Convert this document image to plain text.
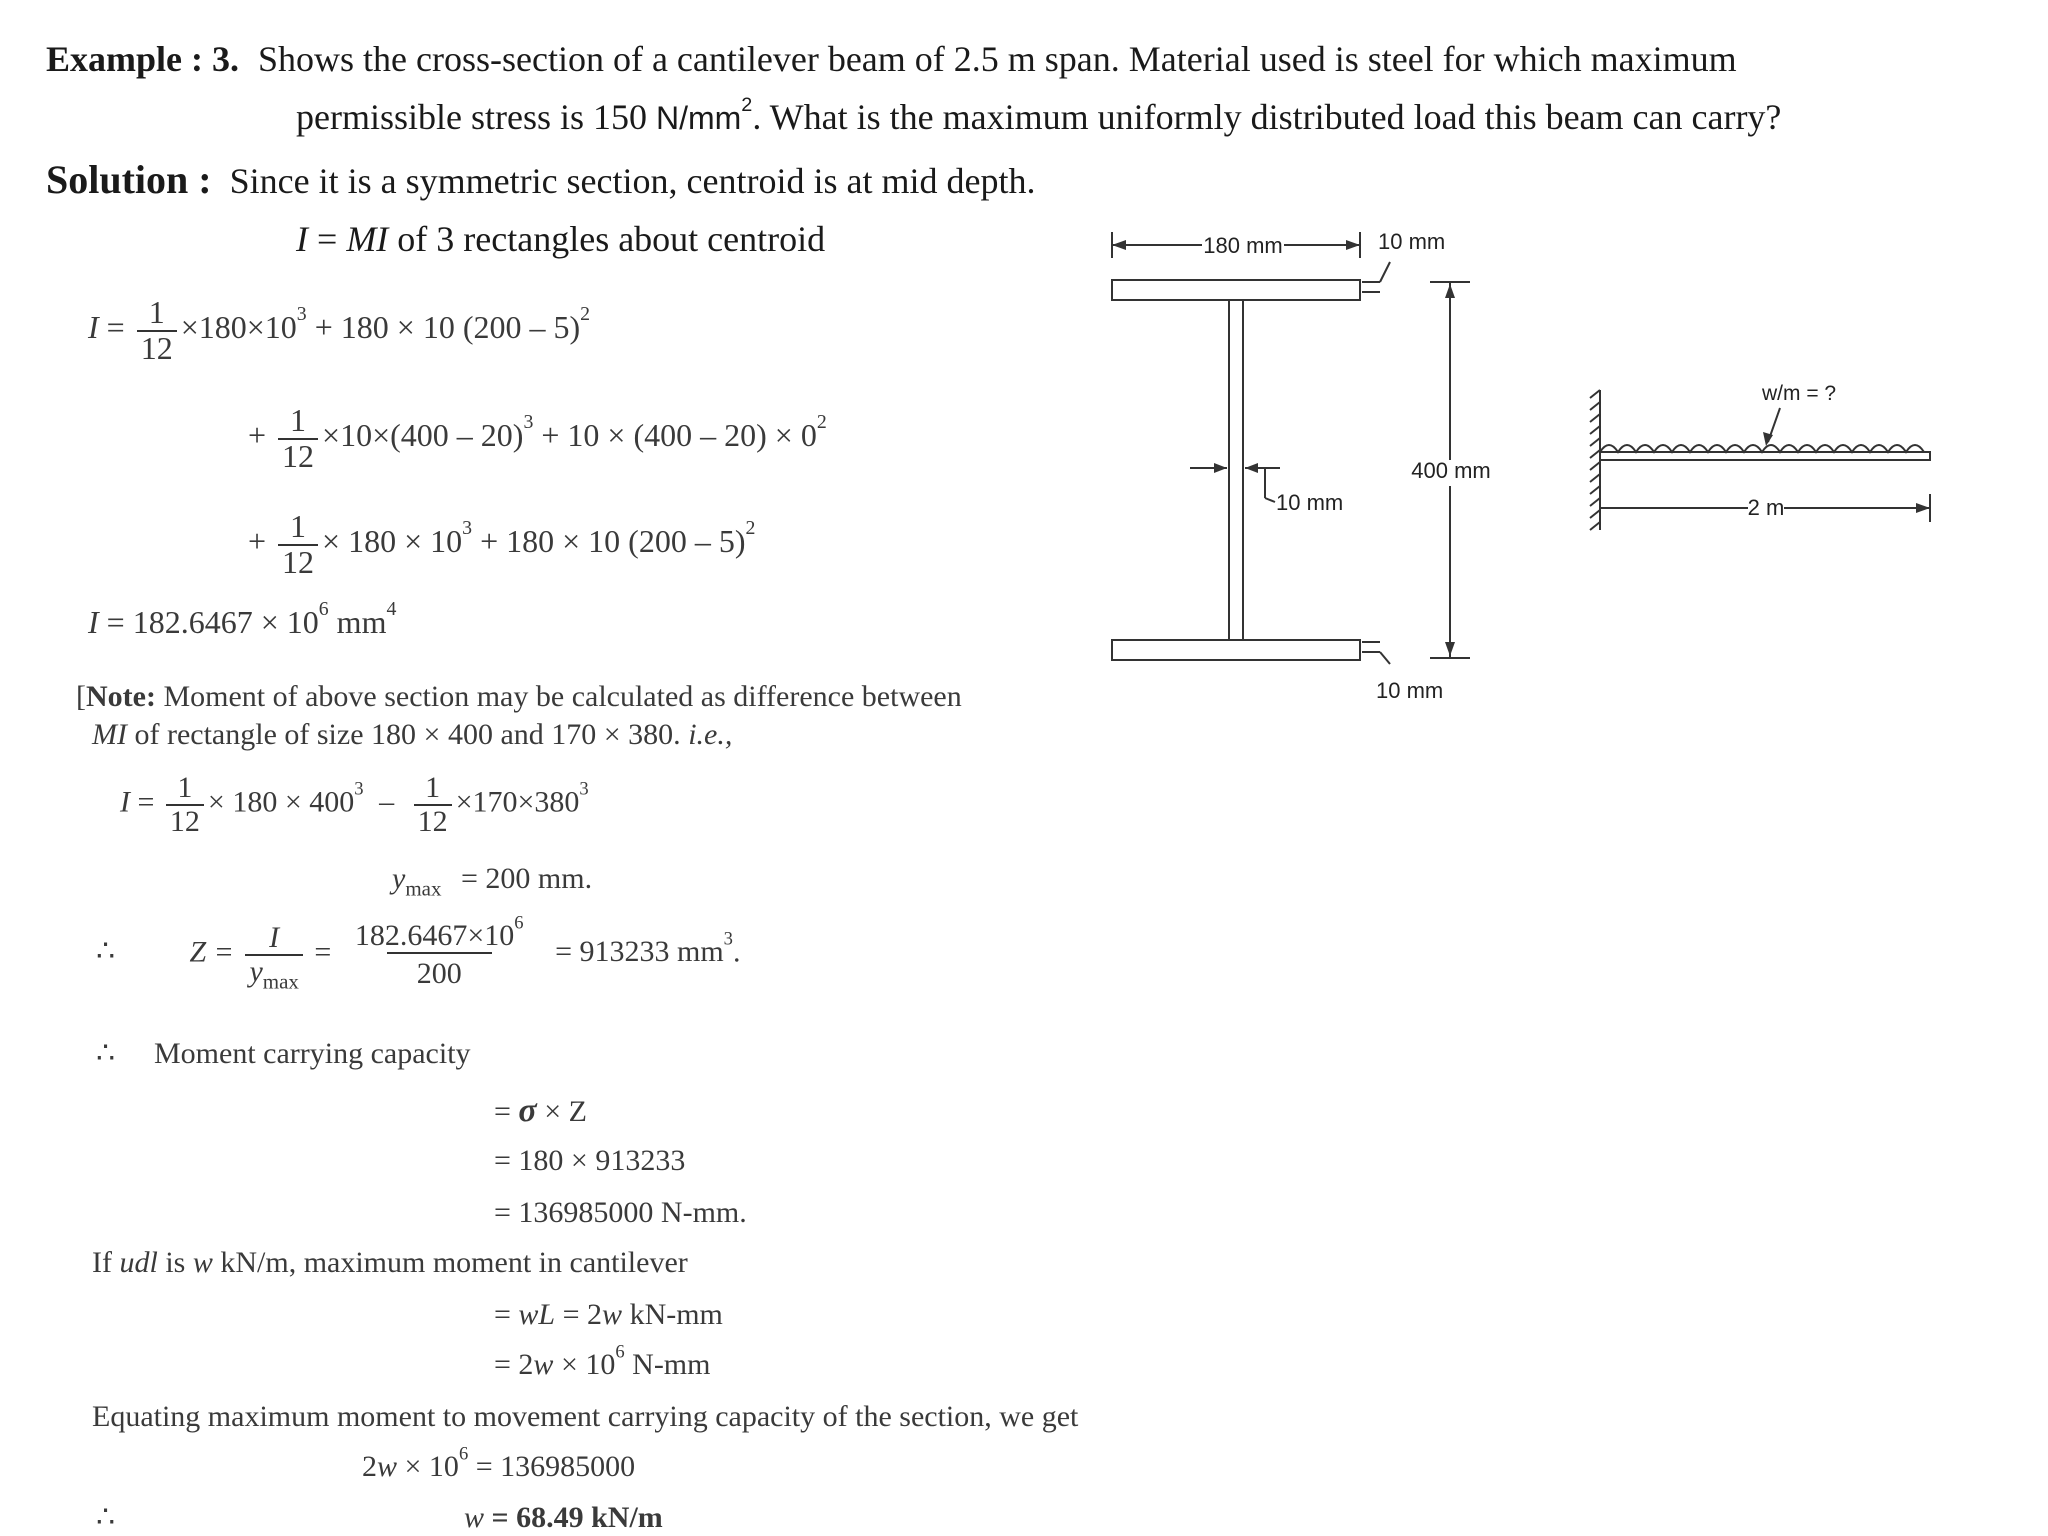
Example : 3. Shows the cross-section of a cantilever beam of 2.5 m span. Material used is steel for which maximum
permissible stress is 150 $N/mm^2$. What is the maximum uniformly distributed load this beam can carry?
Solution : Since it is a symmetric section, centroid is at mid depth.
I = MI of 3 rectangles about centroid
$I = \frac{1}{12} \times 180\times 10^3 + 180 \times 10$ (200 – 5)$^2$
+ $\frac{1}{12} \times 10\times(400 - 20)^3 + 10 \times (400 - 20) \times 0^2$
+ $\frac{1}{12} \times 180 \times 10^3 + 180 \times 10$ (200 – 5)$^2$
$I = 182.6467 \times 10^6$ $mm^4$
[Note: Moment of above section may be calculated as difference between
MI of rectangle of size 180 × 400 and 170 × 380. i.e.,
$I = \frac{1}{12} \times 180 \times 400^3 - \frac{1}{12} \times 170\times 380^3$
$y_{max} = 200$ mm.
∴ $Z = \frac{I}{y_{max}} = \frac{182.6467\times 10^6}{200} = 913233$ $mm^3$.
∴ Moment carrying capacity
= σ × Z
= 180 × 913233
= 136985000 N-mm.
If udl is w kN/m, maximum moment in cantilever
= wL = 2w kN-mm
= $2w \times 10^6$ N-mm
Equating maximum moment to movement carrying capacity of the section, we get
$2w \times 10^6 = 136985000$
∴	w = 68.49 kN/m
180 mm	10 mm
400 mm
10 mm
10 mm
w/m = ?
2 m
